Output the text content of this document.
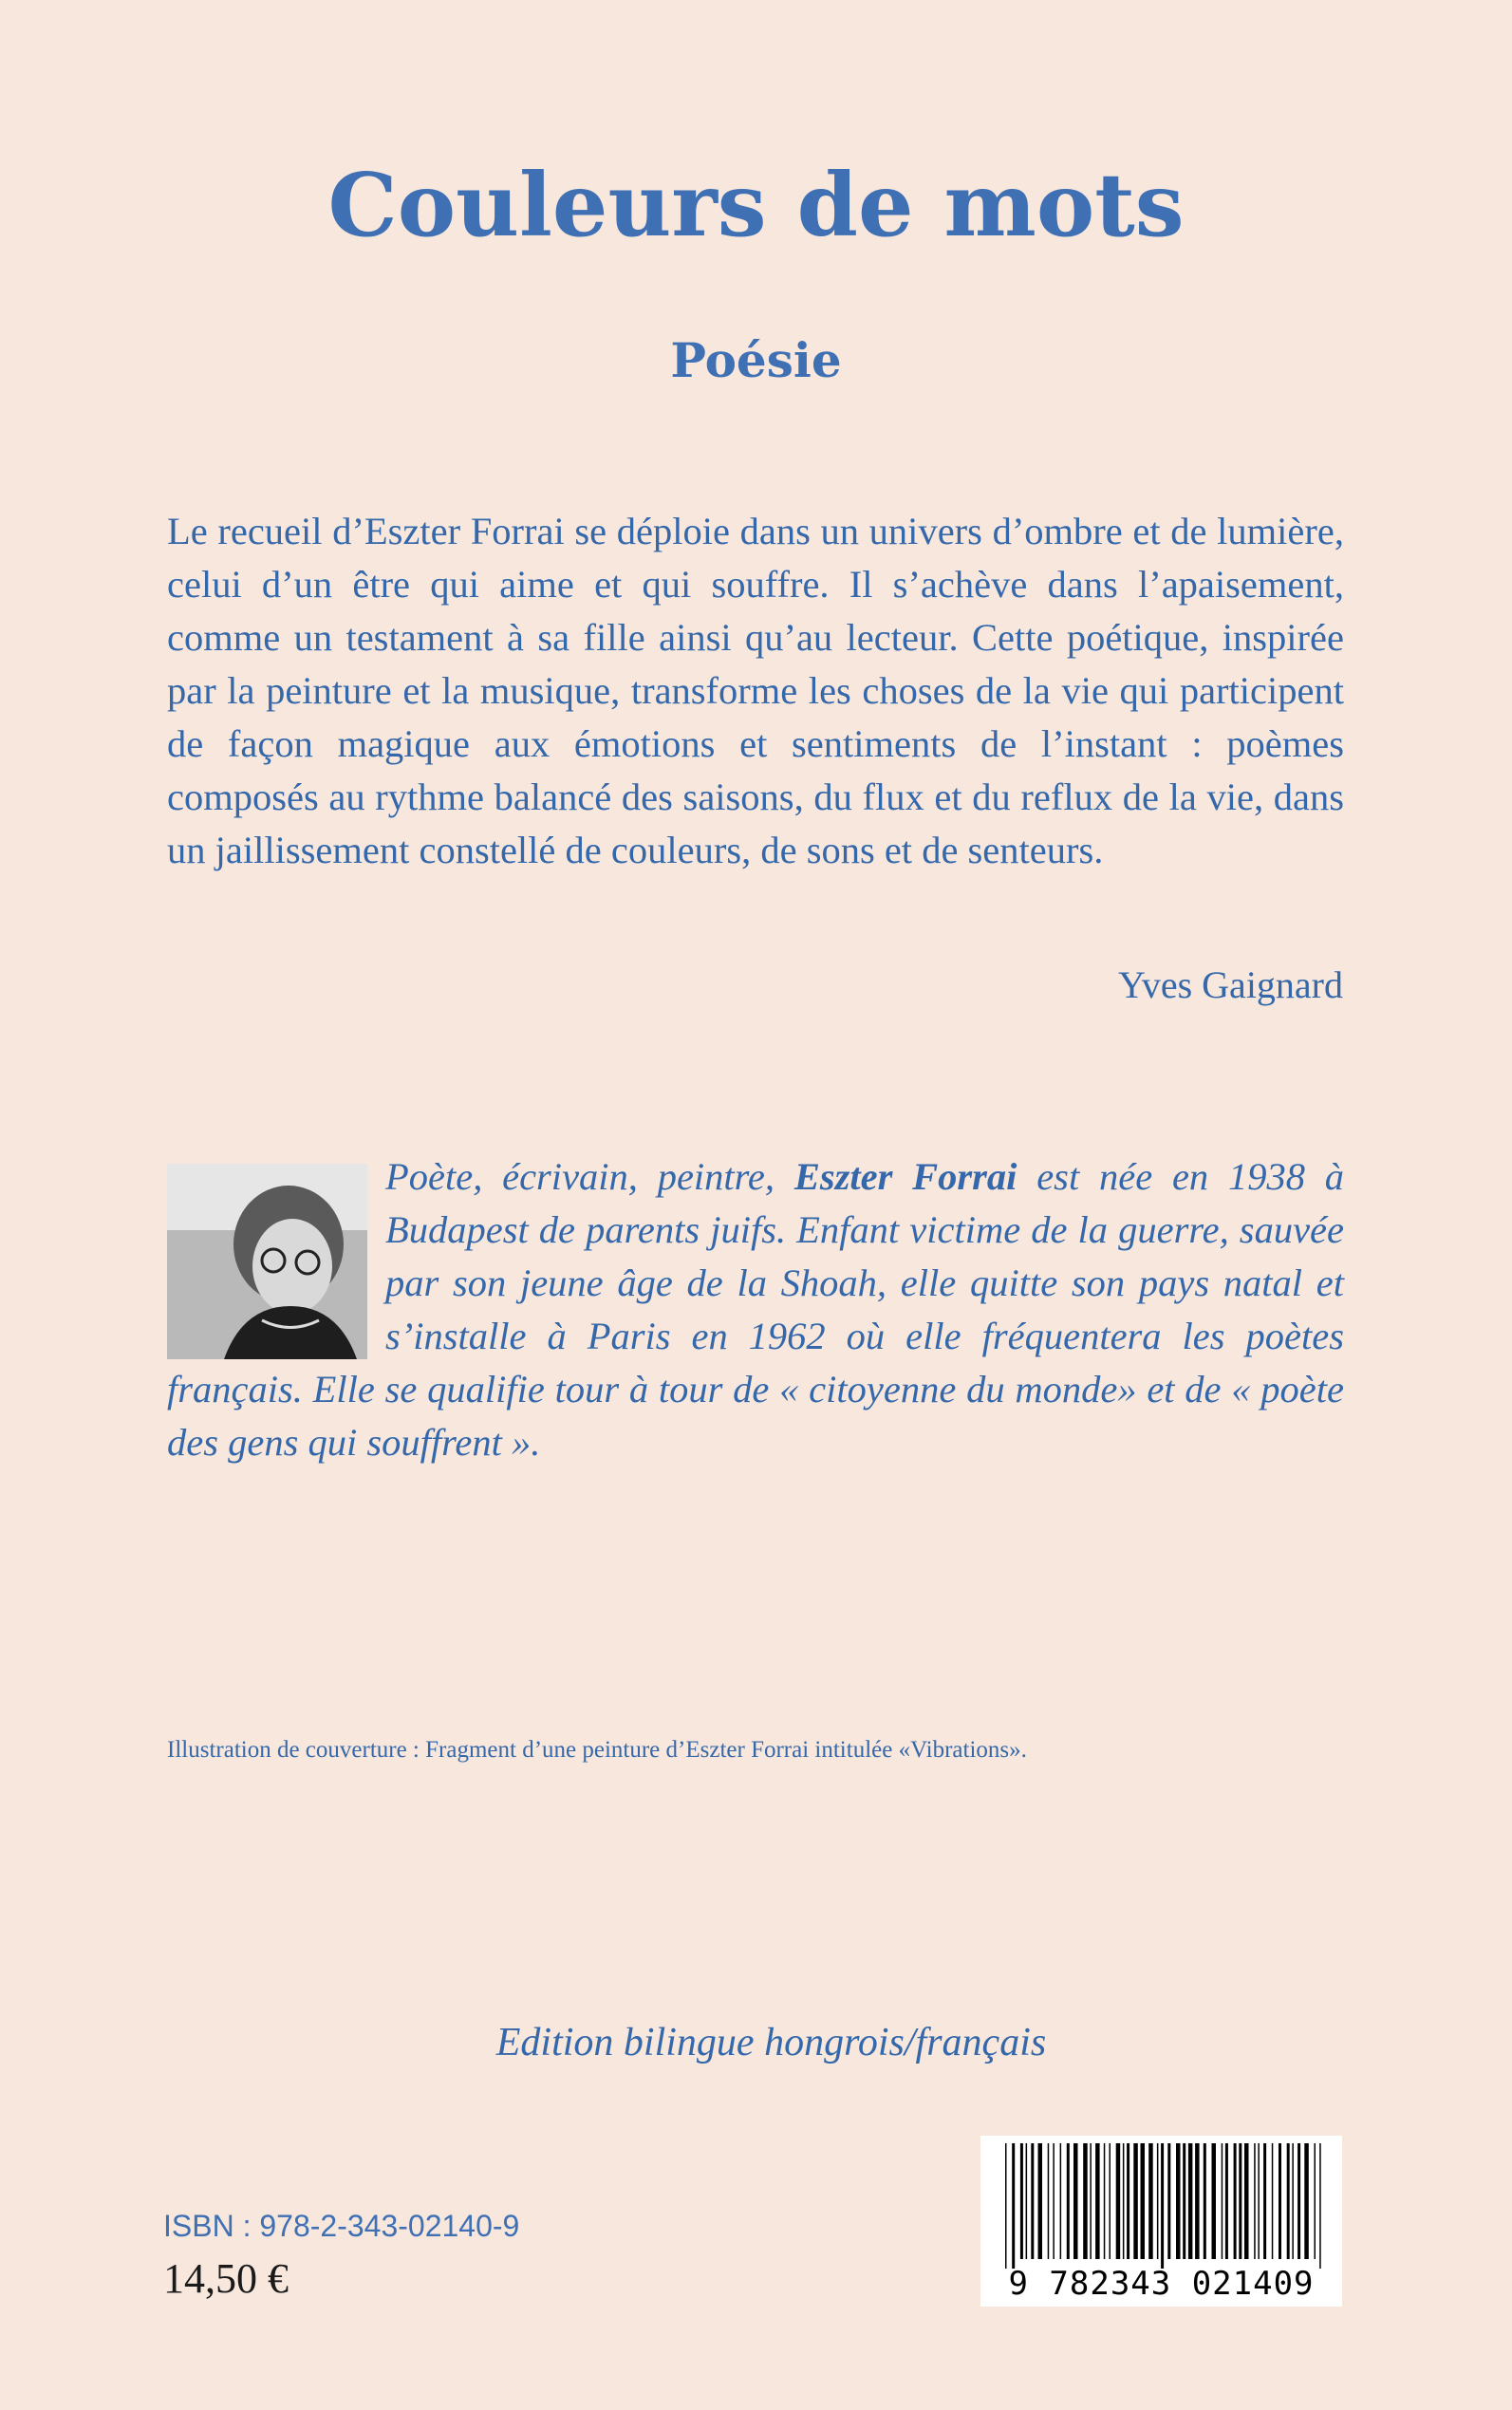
Couleurs de mots
Poésie

Le recueil d’Eszter Forrai se déploie dans un univers d’ombre et de lumière, celui d’un être qui aime et qui souffre. Il s’achève dans l’apaisement, comme un testament à sa fille ainsi qu’au lecteur. Cette poétique, inspirée par la peinture et la musique, transforme les choses de la vie qui participent de façon magique aux émotions et sentiments de l’instant : poèmes composés au rythme balancé des saisons, du flux et du reflux de la vie, dans un jaillissement constellé de couleurs, de sons et de senteurs.

Yves Gaignard

Poète, écrivain, peintre, Eszter Forrai est née en 1938 à Budapest de parents juifs. Enfant victime de la guerre, sauvée par son jeune âge de la Shoah, elle quitte son pays natal et s’installe à Paris en 1962 où elle fréquentera les poètes français. Elle se qualifie tour à tour de « citoyenne du monde» et de « poète des gens qui souffrent ».

Illustration de couverture : Fragment d’une peinture d’Eszter Forrai intitulée «Vibrations».
Edition bilingue hongrois/français
ISBN : 978-2-343-02140-9
14,50 €	9 782343 021409
